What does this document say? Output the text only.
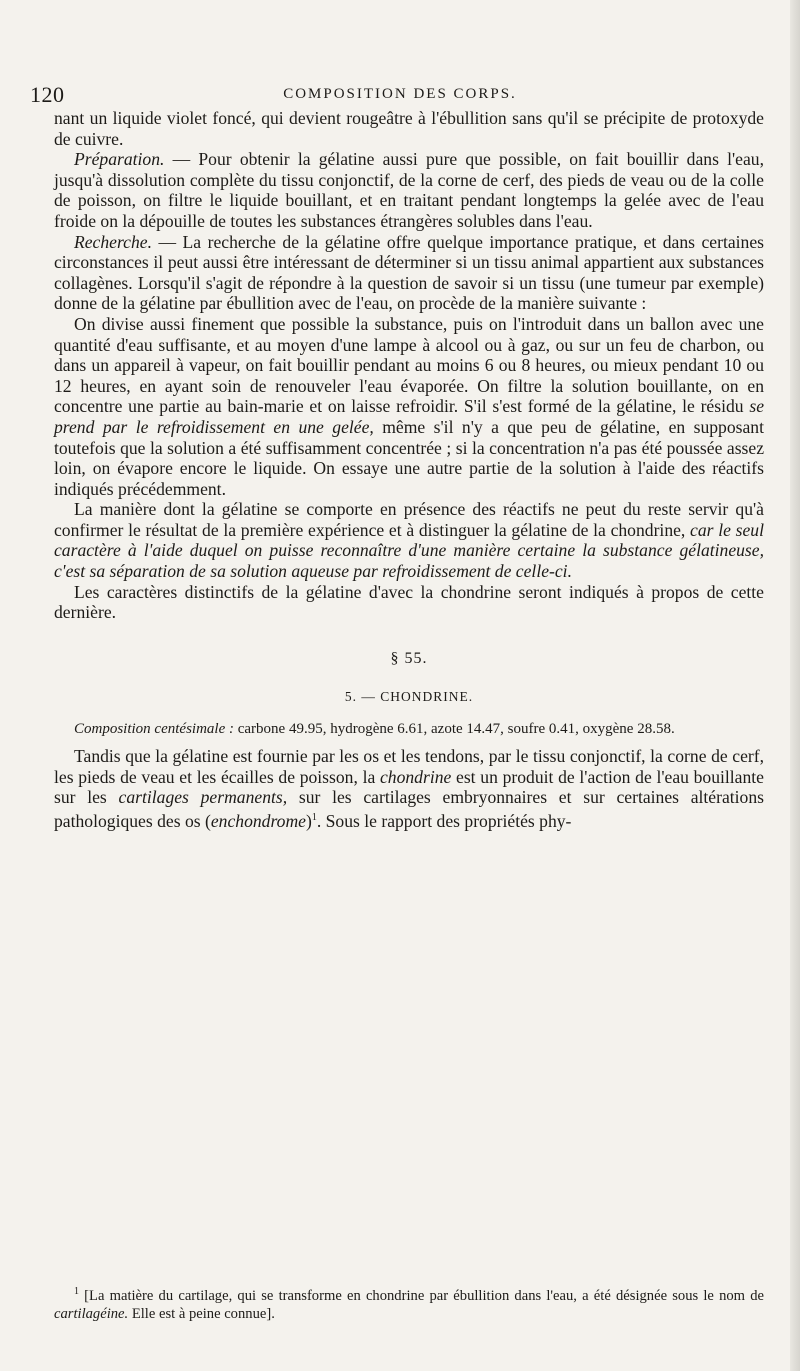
120	COMPOSITION DES CORPS.

nant un liquide violet foncé, qui devient rougeâtre à l'ébullition sans qu'il se précipite de protoxyde de cuivre.

Préparation. — Pour obtenir la gélatine aussi pure que possible, on fait bouillir dans l'eau, jusqu'à dissolution complète du tissu conjonctif, de la corne de cerf, des pieds de veau ou de la colle de poisson, on filtre le liquide bouillant, et en traitant pendant longtemps la gelée avec de l'eau froide on la dépouille de toutes les substances étrangères solubles dans l'eau.

Recherche. — La recherche de la gélatine offre quelque importance pratique, et dans certaines circonstances il peut aussi être intéressant de déterminer si un tissu animal appartient aux substances collagènes. Lorsqu'il s'agit de répondre à la question de savoir si un tissu (une tumeur par exemple) donne de la gélatine par ébullition avec de l'eau, on procède de la manière suivante :

On divise aussi finement que possible la substance, puis on l'introduit dans un ballon avec une quantité d'eau suffisante, et au moyen d'une lampe à alcool ou à gaz, ou sur un feu de charbon, ou dans un appareil à vapeur, on fait bouillir pendant au moins 6 ou 8 heures, ou mieux pendant 10 ou 12 heures, en ayant soin de renouveler l'eau évaporée. On filtre la solution bouillante, on en concentre une partie au bain-marie et on laisse refroidir. S'il s'est formé de la gélatine, le résidu se prend par le refroidissement en une gelée, même s'il n'y a que peu de gélatine, en supposant toutefois que la solution a été suffisamment concentrée ; si la concentration n'a pas été poussée assez loin, on évapore encore le liquide. On essaye une autre partie de la solution à l'aide des réactifs indiqués précédemment.

La manière dont la gélatine se comporte en présence des réactifs ne peut du reste servir qu'à confirmer le résultat de la première expérience et à distinguer la gélatine de la chondrine, car le seul caractère à l'aide duquel on puisse reconnaître d'une manière certaine la substance gélatineuse, c'est sa séparation de sa solution aqueuse par refroidissement de celle-ci.

Les caractères distinctifs de la gélatine d'avec la chondrine seront indiqués à propos de cette dernière.

§ 55.
5. — CHONDRINE.

Composition centésimale : carbone 49.95, hydrogène 6.61, azote 14.47, soufre 0.41, oxygène 28.58.

Tandis que la gélatine est fournie par les os et les tendons, par le tissu conjonctif, la corne de cerf, les pieds de veau et les écailles de poisson, la chondrine est un produit de l'action de l'eau bouillante sur les cartilages permanents, sur les cartilages embryonnaires et sur certaines altérations pathologiques des os (enchondrome)$^1$. Sous le rapport des propriétés phy-

$^1$ [La matière du cartilage, qui se transforme en chondrine par ébullition dans l'eau, a été désignée sous le nom de cartilagéine. Elle est à peine connue].
